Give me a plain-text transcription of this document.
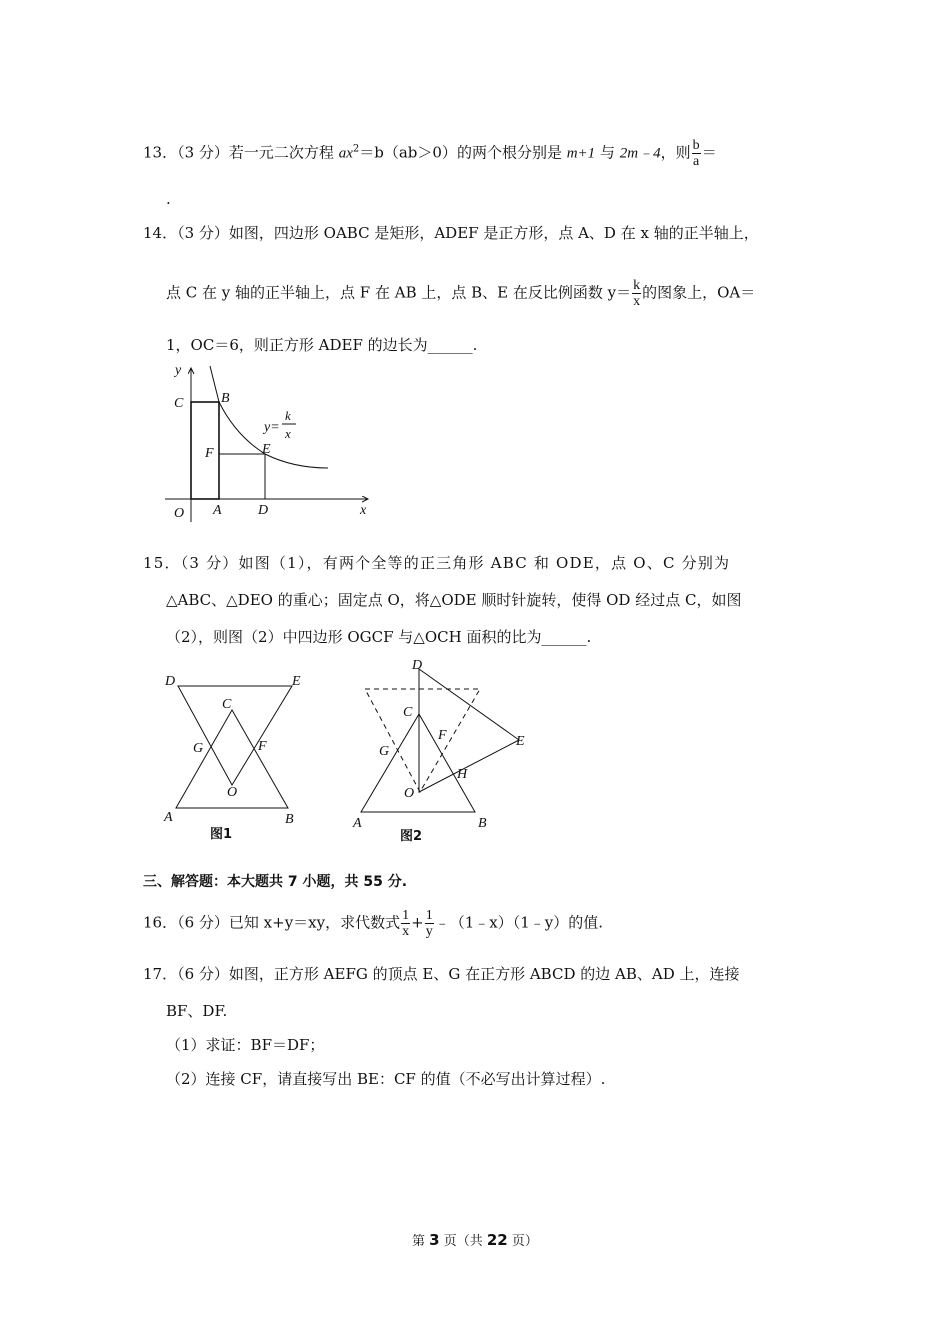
13．（3 分）若一元二次方程 $ax^2=b(ab>0)$的两个根分别是 m+1 与 2m﹣4，则 $\frac{b}{a}$ ＝
.
14．（3 分）如图，四边形 OABC 是矩形，ADEF 是正方形，点 A、D 在 x 轴的正半轴上，
点 C 在 y 轴的正半轴上，点 F 在 AB 上，点 B、E 在反比例函数 $y= \frac{k}{x}$ 的图象上，OA＝
1，OC＝6，则正方形 ADEF 的边长为______.
y
x
O A	D
C	B
F	E
y=
k
x
15．（3 分）如图（1），有两个全等的正三角形 ABC 和 ODE，点 O、C 分别为
△ABC、△DEO 的重心；固定点 O，将△ODE 顺时针旋转，使得 OD 经过点 C，如图
（2），则图（2）中四边形 OGCF 与△OCH 面积的比为______.
D	E
C
G	F
O
A	B
图1
D
C
F	E
G
H
O
A	B
图2
三、解答题：本大题共 7 小题，共 55 分.
16．（6 分）已知 x+y＝xy，求代数式 $\frac{1}{x} + \frac{1}{y}$ ﹣（1﹣x）（1﹣y）的值.
17．（6 分）如图，正方形 AEFG 的顶点 E、G 在正方形 ABCD 的边 AB、AD 上，连接
BF、DF.
（1）求证：BF＝DF；
（2）连接 CF，请直接写出 BE：CF 的值（不必写出计算过程）.
第 3 页（共 22 页）
